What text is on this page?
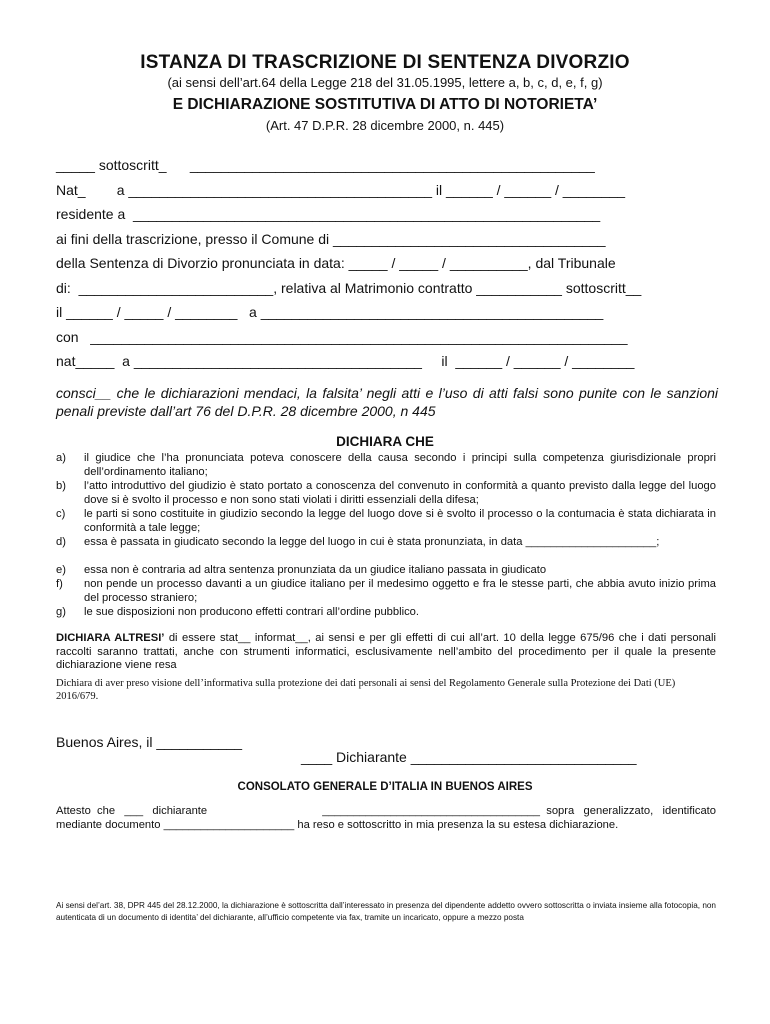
ISTANZA DI TRASCRIZIONE DI SENTENZA DIVORZIO
(ai sensi dell’art.64 della Legge 218 del 31.05.1995, lettere a, b, c, d, e, f, g)
E DICHIARAZIONE SOSTITUTIVA DI ATTO DI NOTORIETA’
(Art. 47 D.P.R. 28 dicembre 2000, n. 445)
_____ sottoscritt_      ____________________________________________________
Nat_        a _______________________________________ il ______ / ______ / ________
residente a  ____________________________________________________________
ai fini della trascrizione, presso il Comune di ___________________________________
della Sentenza di Divorzio pronunciata in data: _____ / _____ / __________, dal Tribunale
di:  _________________________, relativa al Matrimonio contratto ___________ sottoscritt__
il ______ / _____ / ________   a ____________________________________________
con   _____________________________________________________________________
nat_____  a _____________________________________     il  ______ / ______ / ________
consci__ che le dichiarazioni mendaci, la falsita’ negli atti e l’uso di atti falsi sono punite con le sanzioni penali previste dall’art 76 del D.P.R. 28 dicembre 2000, n 445
DICHIARA CHE
a)	il giudice che l’ha pronunciata poteva conoscere della causa secondo i principi sulla competenza giurisdizionale propri dell’ordinamento italiano;
b)	l’atto introduttivo del giudizio è stato portato a conoscenza del convenuto in conformità a quanto previsto dalla legge del luogo dove si è svolto il processo e non sono stati violati i diritti essenziali della difesa;
c)	le parti si sono costituite in giudizio secondo la legge del luogo dove si è svolto il processo o la contumacia è stata dichiarata in conformità a tale legge;
d)	essa è passata in giudicato secondo la legge del luogo in cui è stata pronunziata, in data _____________________;
e)	essa non è contraria ad altra sentenza pronunziata da un giudice italiano passata in giudicato
f)	non pende un processo davanti a un giudice italiano per il medesimo oggetto e fra le stesse parti, che abbia avuto inizio prima del processo straniero;
g)	le sue disposizioni non producono effetti contrari all’ordine pubblico.
DICHIARA ALTRESI’ di essere stat__ informat__, ai sensi e per gli effetti di cui all’art. 10 della legge 675/96 che i dati personali raccolti saranno trattati, anche con strumenti informatici, esclusivamente nell’ambito del procedimento per il quale la presente dichiarazione viene resa
Dichiara di aver preso visione dell’informativa sulla protezione dei dati personali ai sensi del Regolamento Generale sulla Protezione dei Dati (UE) 2016/679.
Buenos Aires, il ___________
____ Dichiarante _____________________________
CONSOLATO GENERALE D’ITALIA IN BUENOS AIRES
Attesto  che   ___   dichiarante	___________________________________  sopra   generalizzato,   identificato
mediante documento _____________________ ha reso e sottoscritto in mia presenza la su estesa dichiarazione.
Ai sensi del’art. 38, DPR 445 del 28.12.2000, la dichiarazione è sottoscritta dall’interessato in presenza del dipendente addetto ovvero sottoscritta o inviata insieme alla fotocopia, non autenticata di un documento di identita’ del dichiarante, all’ufficio competente via fax, tramite un incaricato, oppure a mezzo posta
